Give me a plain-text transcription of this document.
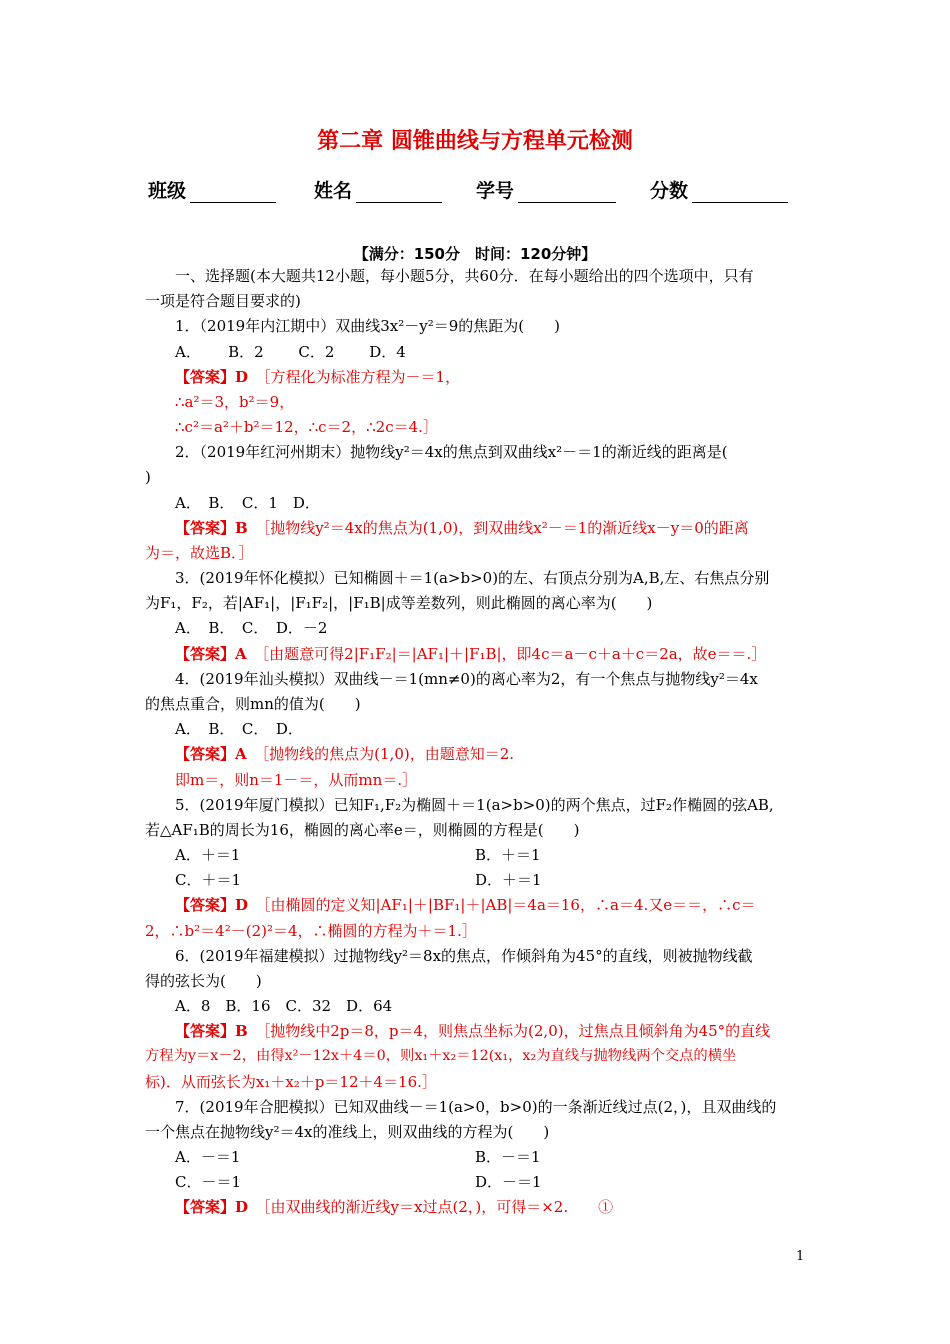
第二章 圆锥曲线与方程单元检测
班级	姓名	学号	分数
【满分：150分　时间：120分钟】
一、选择题(本大题共12小题，每小题5分，共60分．在每小题给出的四个选项中，只有
一项是符合题目要求的)
1．（2019年内江期中）双曲线3x²－y²＝9的焦距为(　　)
A．　　 B．2　　 C．2　　 D．4
【答案】D　 ［方程化为标准方程为－＝1，
∴a²＝3，b²＝9，
∴c²＝a²＋b²＝12，∴c＝2，∴2c＝4.］
2．（2019年红河州期末）抛物线y²＝4x的焦点到双曲线x²－＝1的渐近线的距离是(
)
A．　B．　C．1　D．
【答案】B　 ［抛物线y²＝4x的焦点为(1,0)，到双曲线x²－＝1的渐近线x－y＝0的距离
为＝，故选B．］
3．(2019年怀化模拟）已知椭圆＋＝1(a>b>0)的左、右顶点分别为A,B,左、右焦点分别
为F₁，F₂，若|AF₁|，|F₁F₂|，|F₁B|成等差数列，则此椭圆的离心率为(　　)
A．　B．　C．　D．－2
【答案】A　 ［由题意可得2|F₁F₂|＝|AF₁|＋|F₁B|，即4c＝a－c＋a＋c＝2a，故e＝＝.］
4．(2019年汕头模拟）双曲线－＝1(mn≠0)的离心率为2，有一个焦点与抛物线y²＝4x
的焦点重合，则mn的值为(　　)
A．　B．　C．　D．
【答案】A　 ［抛物线的焦点为(1,0)，由题意知＝2.
即m＝，则n＝1－＝，从而mn＝.］
5．(2019年厦门模拟）已知F₁,F₂为椭圆＋＝1(a>b>0)的两个焦点，过F₂作椭圆的弦AB,
若△AF₁B的周长为16，椭圆的离心率e＝，则椭圆的方程是(　　)
A．＋＝1	B．＋＝1
C．＋＝1	D．＋＝1
【答案】D　 ［由椭圆的定义知|AF₁|＋|BF₁|＋|AB|＝4a＝16，∴a＝4.又e＝＝，∴c＝
2，∴b²＝4²－(2)²＝4，∴椭圆的方程为＋＝1.］
6．(2019年福建模拟）过抛物线y²＝8x的焦点，作倾斜角为45°的直线，则被抛物线截
得的弦长为(　　)
A．8　B．16　C．32　D．64
【答案】B　 ［抛物线中2p＝8，p＝4，则焦点坐标为(2,0)，过焦点且倾斜角为45°的直线
方程为y＝x－2，由得x²－12x＋4＝0，则x₁＋x₂＝12(x₁，x₂为直线与抛物线两个交点的横坐
标)．从而弦长为x₁＋x₂＋p＝12＋4＝16.］
7．(2019年合肥模拟）已知双曲线－＝1(a>0，b>0)的一条渐近线过点(2，)，且双曲线的
一个焦点在抛物线y²＝4x的准线上，则双曲线的方程为(　　)
A．－＝1	B．－＝1
C．－＝1	D．－＝1
【答案】D　 ［由双曲线的渐近线y＝x过点(2，)，可得＝×2.　　①
1
